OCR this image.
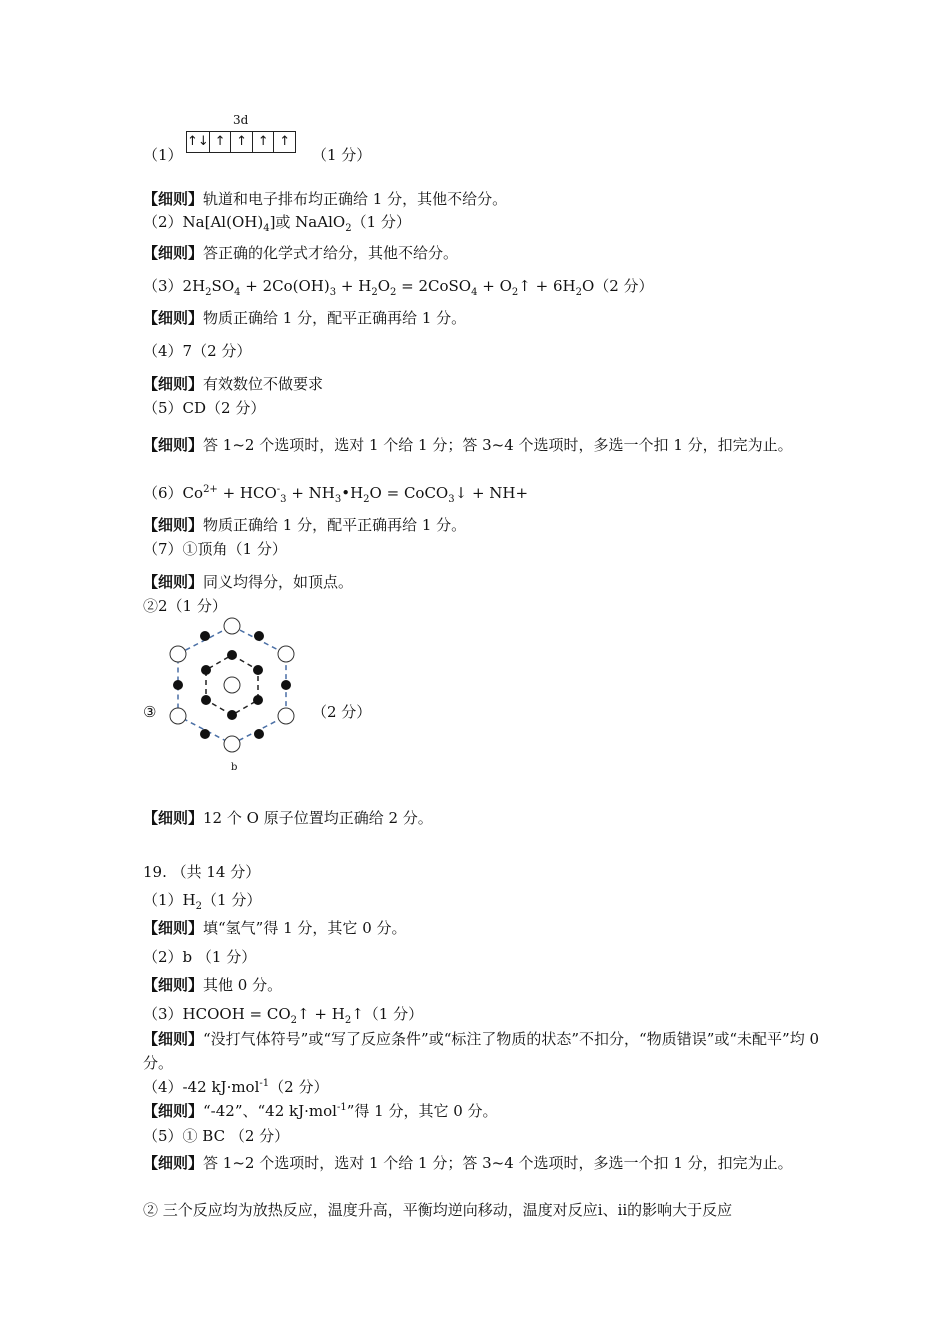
3d
↑↓ ↑ ↑ ↑ ↑
（1）	（1 分）
【细则】轨道和电子排布均正确给 1 分，其他不给分。
$(2)Na[Al(OH)_4]$或 NaAlO$_2$（1 分）
【细则】答正确的化学式才给分，其他不给分。
$(3)2H_2SO_4 + 2Co(OH)_3 + H_2O_2$ = 2CoSO$_4$ + $O_2↑ + 6H_2O(2$ 分）
【细则】物质正确给 1 分，配平正确再给 1 分。
（4）7（2 分）
【细则】有效数位不做要求
（5）CD（2 分）
【细则】答 1~2 个选项时，选对 1 个给 1 分；答 3~4 个选项时，多选一个扣 1 分，扣完为止。
$(6)Co^{2+} + HCO^-_3$ + $NH_3•H_2O$ = CoCO$_3$↓ + NH+
【细则】物质正确给 1 分，配平正确再给 1 分。
（7）①顶角（1 分）
【细则】同义均得分，如顶点。
②2（1 分）
③	（2 分）
b
【细则】12 个 O 原子位置均正确给 2 分。
19. （共 14 分）
$(1)H_2(1$ 分）
【细则】填“氢气”得 1 分，其它 0 分。
（2）b （1 分）
【细则】其他 0 分。
（3）HCOOH = $CO_2↑$ + $H_2↑(1$ 分）
【细则】“没打气体符号”或“写了反应条件”或“标注了物质的状态”不扣分，“物质错误”或“未配平”均 0 分。
（4）-42 kJ·mol$^{-1}$（2 分）
【细则】“-42”、“42 kJ·mol$^{-1}$”得 1 分，其它 0 分。
（5）① BC （2 分）
【细则】答 1~2 个选项时，选对 1 个给 1 分；答 3~4 个选项时，多选一个扣 1 分，扣完为止。
② 三个反应均为放热反应，温度升高，平衡均逆向移动，温度对反应ⅰ、ⅱ的影响大于反应
